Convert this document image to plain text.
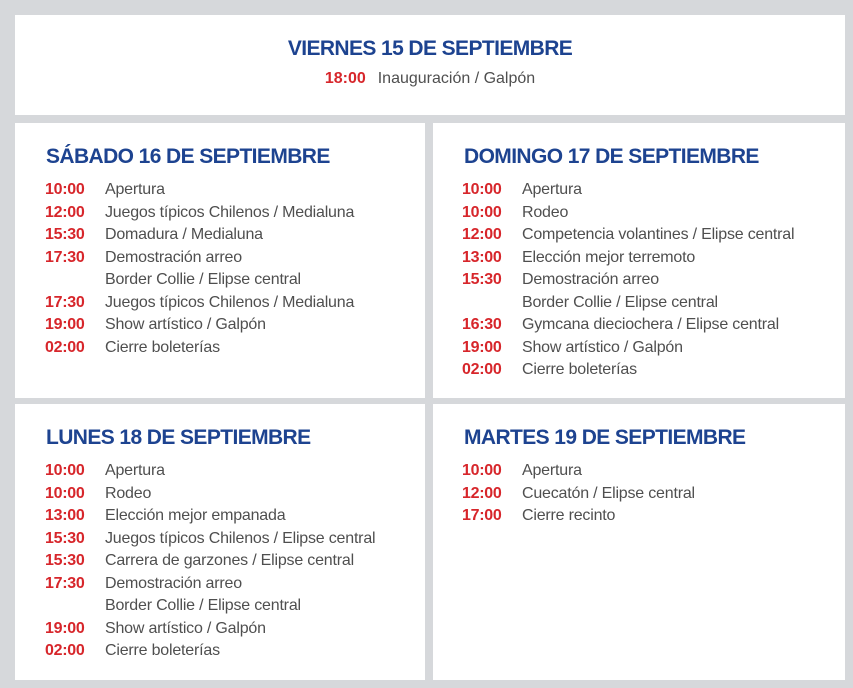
VIERNES 15 DE SEPTIEMBRE
18:00 Inauguración / Galpón
SÁBADO 16 DE SEPTIEMBRE
10:00	Apertura
12:00	Juegos típicos Chilenos / Medialuna
15:30	Domadura / Medialuna
17:30	Demostración arreo
Border Collie / Elipse central
17:30	Juegos típicos Chilenos / Medialuna
19:00	Show artístico / Galpón
02:00	Cierre boleterías
DOMINGO 17 DE SEPTIEMBRE
10:00	Apertura
10:00	Rodeo
12:00	Competencia volantines / Elipse central
13:00	Elección mejor terremoto
15:30	Demostración arreo
Border Collie / Elipse central
16:30	Gymcana dieciochera / Elipse central
19:00	Show artístico / Galpón
02:00	Cierre boleterías
LUNES 18 DE SEPTIEMBRE
10:00	Apertura
10:00	Rodeo
13:00	Elección mejor empanada
15:30	Juegos típicos Chilenos / Elipse central
15:30	Carrera de garzones / Elipse central
17:30	Demostración arreo
Border Collie / Elipse central
19:00	Show artístico / Galpón
02:00	Cierre boleterías
MARTES 19 DE SEPTIEMBRE
10:00	Apertura
12:00	Cuecatón / Elipse central
17:00	Cierre recinto
